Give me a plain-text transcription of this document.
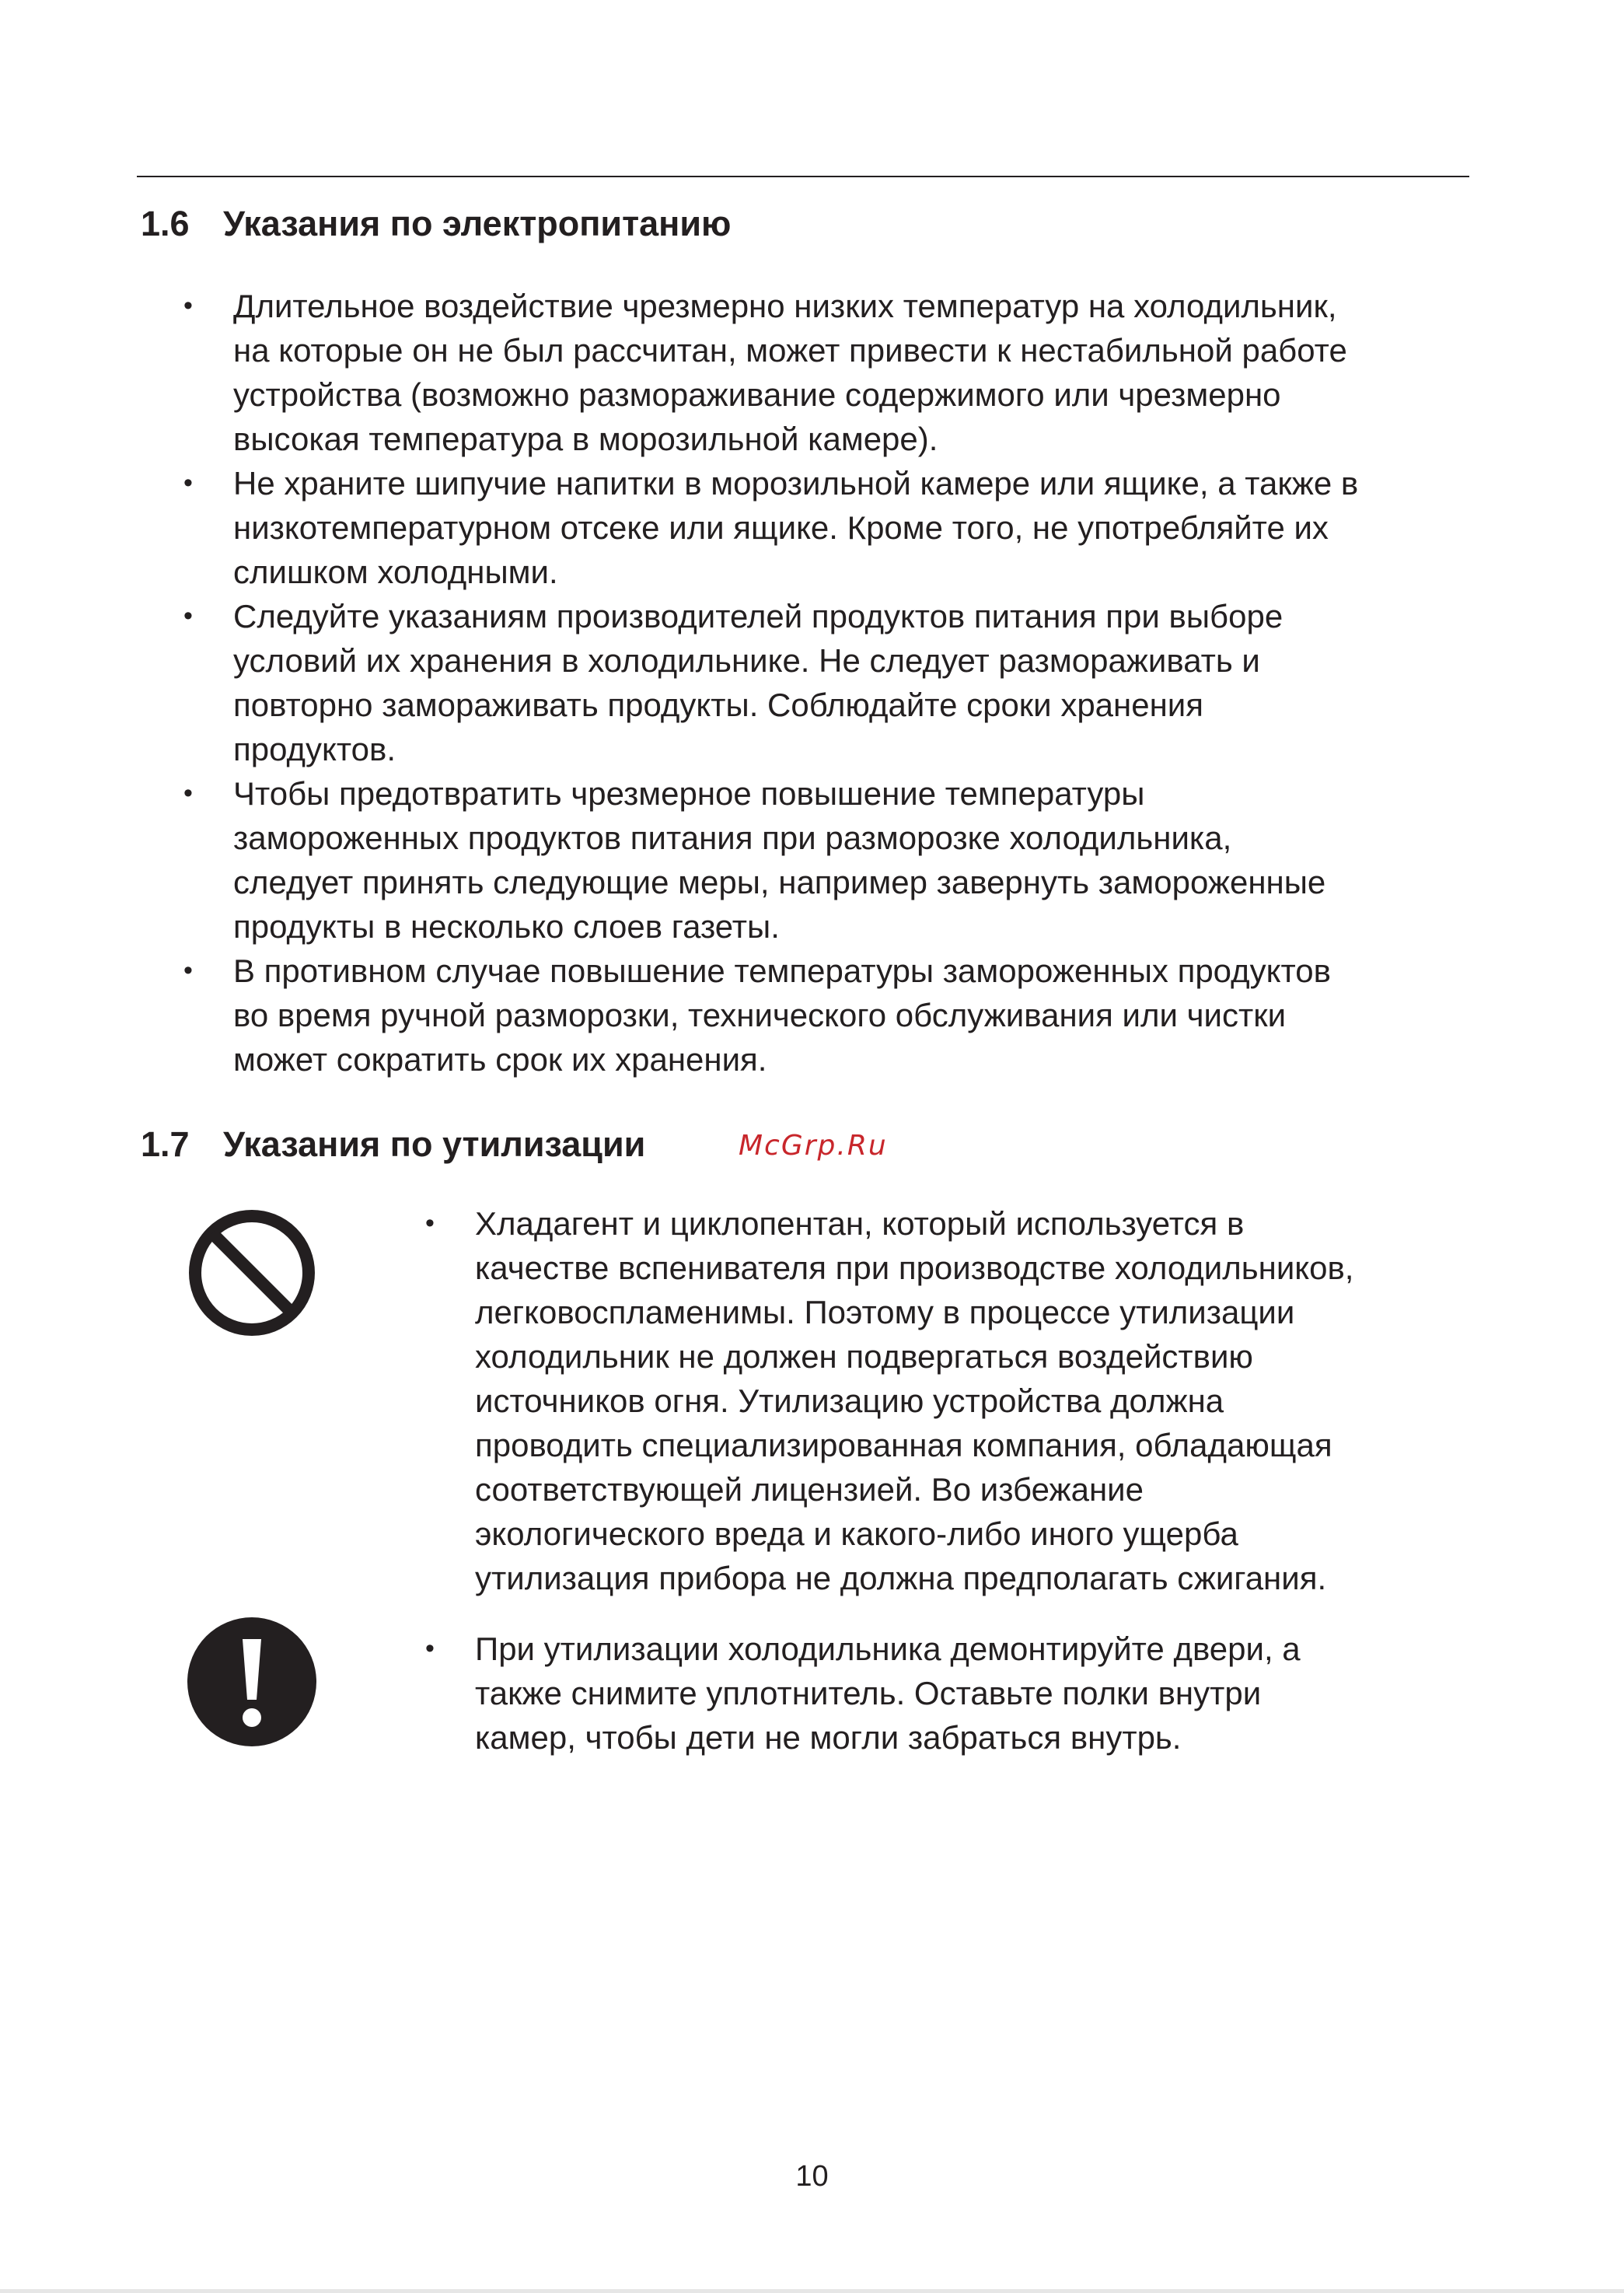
1.6 Указания по электропитанию
• Длительное воздействие чрезмерно низких температур на холодильник,
на которые он не был рассчитан, может привести к нестабильной работе
устройства (возможно размораживание содержимого или чрезмерно
высокая температура в морозильной камере).
• Не храните шипучие напитки в морозильной камере или ящике, а также в
низкотемпературном отсеке или ящике. Кроме того, не употребляйте их
слишком холодными.
• Следуйте указаниям производителей продуктов питания при выборе
условий их хранения в холодильнике. Не следует размораживать и
повторно замораживать продукты. Соблюдайте сроки хранения
продуктов.
• Чтобы предотвратить чрезмерное повышение температуры
замороженных продуктов питания при разморозке холодильника,
следует принять следующие меры, например завернуть замороженные
продукты в несколько слоев газеты.
• В противном случае повышение температуры замороженных продуктов
во время ручной разморозки, технического обслуживания или чистки
может сократить срок их хранения.
1.7 Указания по утилизации	McGrp.Ru
• Хладагент и циклопентан, который используется в
качестве вспенивателя при производстве холодильников,
легковоспламенимы. Поэтому в процессе утилизации
холодильник не должен подвергаться воздействию
источников огня. Утилизацию устройства должна
проводить специализированная компания, обладающая
соответствующей лицензией. Во избежание
экологического вреда и какого-либо иного ущерба
утилизация прибора не должна предполагать сжигания.
• При утилизации холодильника демонтируйте двери, а
также снимите уплотнитель. Оставьте полки внутри
камер, чтобы дети не могли забраться внутрь.
10
